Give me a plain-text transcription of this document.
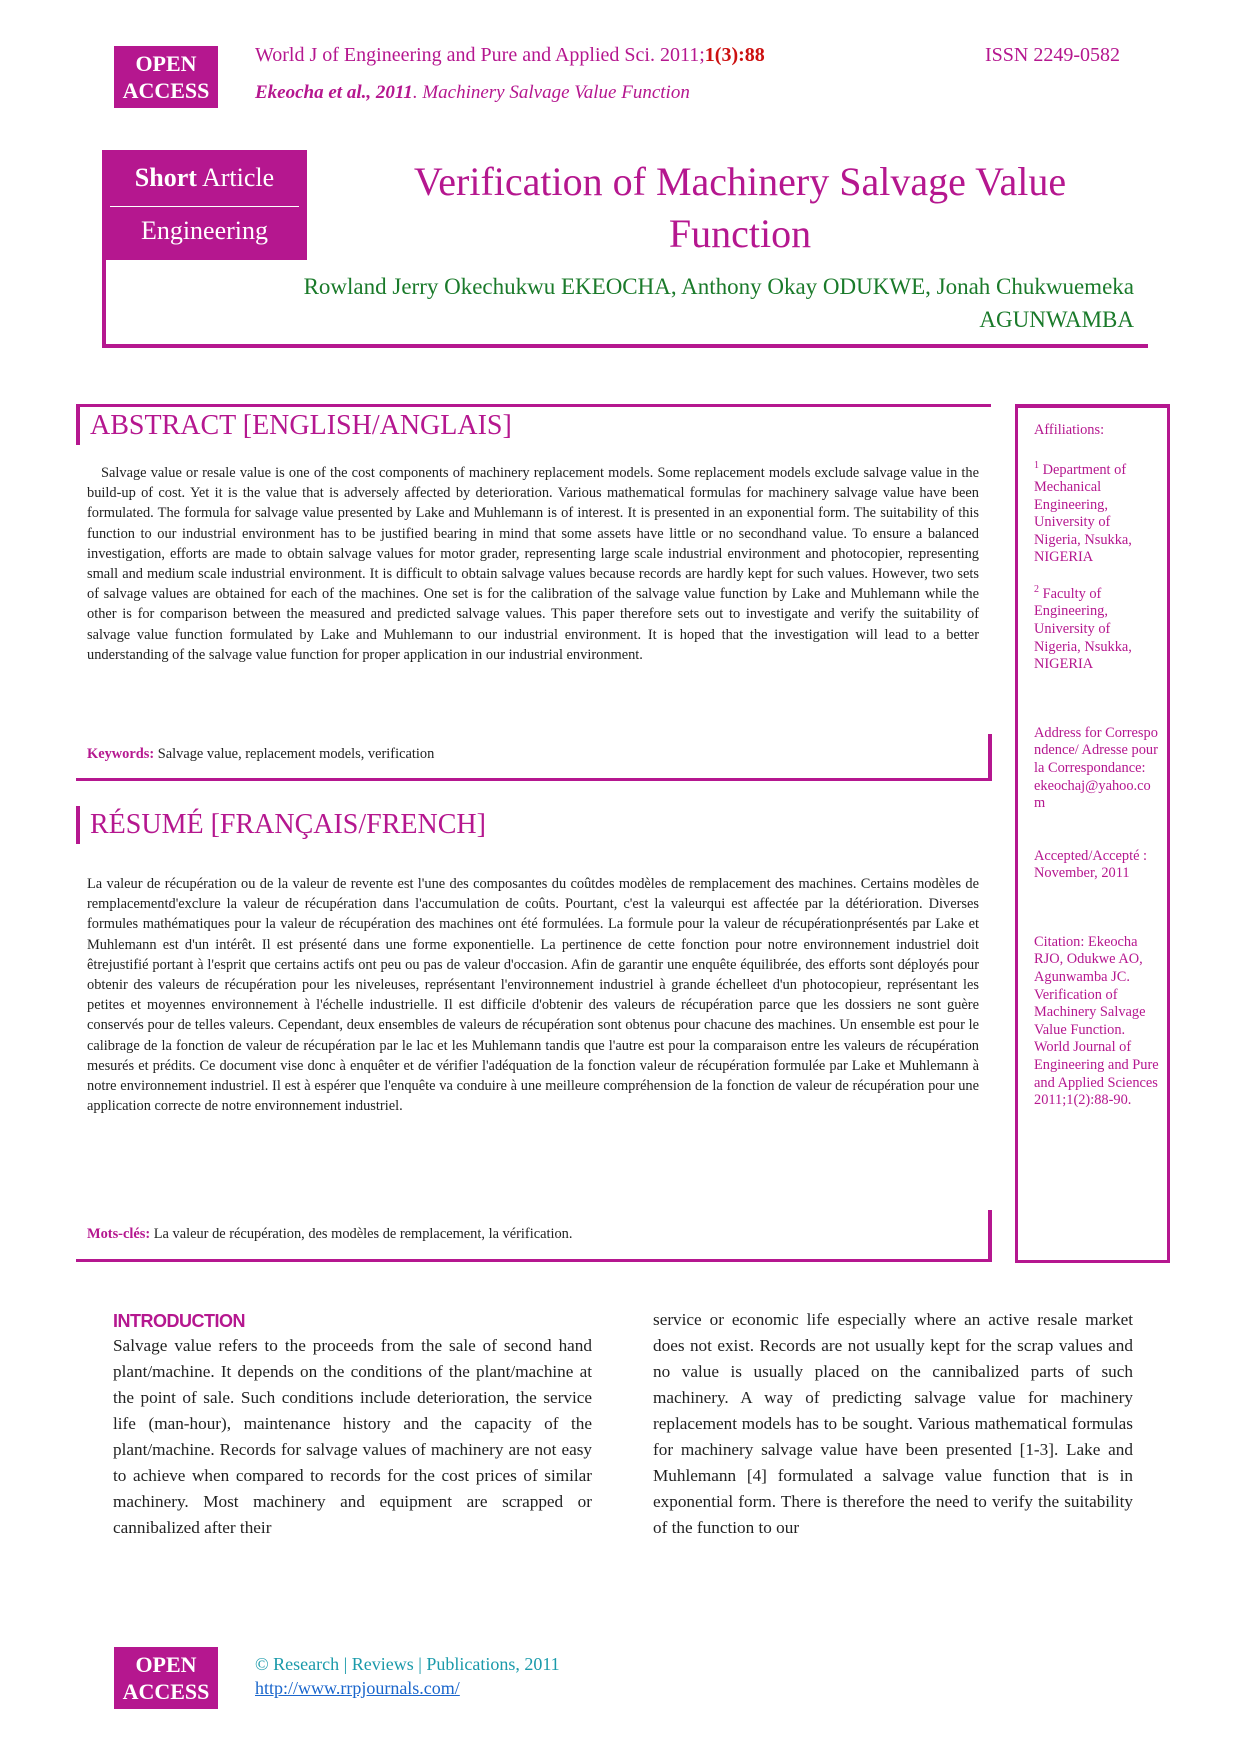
OPEN
ACCESS
World J of Engineering and Pure and Applied Sci. 2011;1(3):88	ISSN 2249-0582
Ekeocha et al., 2011. Machinery Salvage Value Function
Short Article
Engineering
Verification of Machinery Salvage Value
Function
Rowland Jerry Okechukwu EKEOCHA, Anthony Okay ODUKWE, Jonah Chukwuemeka
AGUNWAMBA
ABSTRACT [ENGLISH/ANGLAIS]
Salvage value or resale value is one of the cost components of machinery replacement models. Some replacement models exclude salvage value in the build-up of cost. Yet it is the value that is adversely affected by deterioration. Various mathematical formulas for machinery salvage value have been formulated. The formula for salvage value presented by Lake and Muhlemann is of interest. It is presented in an exponential form. The suitability of this function to our industrial environment has to be justified bearing in mind that some assets have little or no secondhand value. To ensure a balanced investigation, efforts are made to obtain salvage values for motor grader, representing large scale industrial environment and photocopier, representing small and medium scale industrial environment. It is difficult to obtain salvage values because records are hardly kept for such values. However, two sets of salvage values are obtained for each of the machines. One set is for the calibration of the salvage value function by Lake and Muhlemann while the other is for comparison between the measured and predicted salvage values. This paper therefore sets out to investigate and verify the suitability of salvage value function formulated by Lake and Muhlemann to our industrial environment. It is hoped that the investigation will lead to a better understanding of the salvage value function for proper application in our industrial environment.
Keywords: Salvage value, replacement models, verification
RÉSUMÉ [FRANÇAIS/FRENCH]
La valeur de récupération ou de la valeur de revente est l'une des composantes du coûtdes modèles de remplacement des machines. Certains modèles de remplacementd'exclure la valeur de récupération dans l'accumulation de coûts. Pourtant, c'est la valeurqui est affectée par la détérioration. Diverses formules mathématiques pour la valeur de récupération des machines ont été formulées. La formule pour la valeur de récupérationprésentés par Lake et Muhlemann est d'un intérêt. Il est présenté dans une forme exponentielle. La pertinence de cette fonction pour notre environnement industriel doit êtrejustifié portant à l'esprit que certains actifs ont peu ou pas de valeur d'occasion. Afin de garantir une enquête équilibrée, des efforts sont déployés pour obtenir des valeurs de récupération pour les niveleuses, représentant l'environnement industriel à grande échelleet d'un photocopieur, représentant les petites et moyennes environnement à l'échelle industrielle. Il est difficile d'obtenir des valeurs de récupération parce que les dossiers ne sont guère conservés pour de telles valeurs. Cependant, deux ensembles de valeurs de récupération sont obtenus pour chacune des machines. Un ensemble est pour le calibrage de la fonction de valeur de récupération par le lac et les Muhlemann tandis que l'autre est pour la comparaison entre les valeurs de récupération mesurés et prédits. Ce document vise donc à enquêter et de vérifier l'adéquation de la fonction valeur de récupération formulée par Lake et Muhlemann à notre environnement industriel. Il est à espérer que l'enquête va conduire à une meilleure compréhension de la fonction de valeur de récupération pour une application correcte de notre environnement industriel.
Mots-clés: La valeur de récupération, des modèles de remplacement, la vérification.

Affiliations:

$^1$ Department of Mechanical Engineering, University of Nigeria, Nsukka, NIGERIA

$^2$ Faculty of Engineering, University of Nigeria, Nsukka, NIGERIA

Address for Correspondence/ Adresse pour la Correspondance:

ekeochaj@yahoo.com

Accepted/Accepté : November, 2011

Citation: Ekeocha RJO, Odukwe AO, Agunwamba JC. Verification of Machinery Salvage Value Function. World Journal of Engineering and Pure and Applied Sciences 2011;1(2):88-90.

INTRODUCTION
Salvage value refers to the proceeds from the sale of second hand plant/machine. It depends on the conditions of the plant/machine at the point of sale. Such conditions include deterioration, the service life (man-hour), maintenance history and the capacity of the plant/machine. Records for salvage values of machinery are not easy to achieve when compared to records for the cost prices of similar machinery. Most machinery and equipment are scrapped or cannibalized after their
service or economic life especially where an active resale market does not exist. Records are not usually kept for the scrap values and no value is usually placed on the cannibalized parts of such machinery. A way of predicting salvage value for machinery replacement models has to be sought. Various mathematical formulas for machinery salvage value have been presented [1-3]. Lake and Muhlemann [4] formulated a salvage value function that is in exponential form. There is therefore the need to verify the suitability of the function to our
OPEN
ACCESS
© Research | Reviews | Publications, 2011
http://www.rrpjournals.com/
